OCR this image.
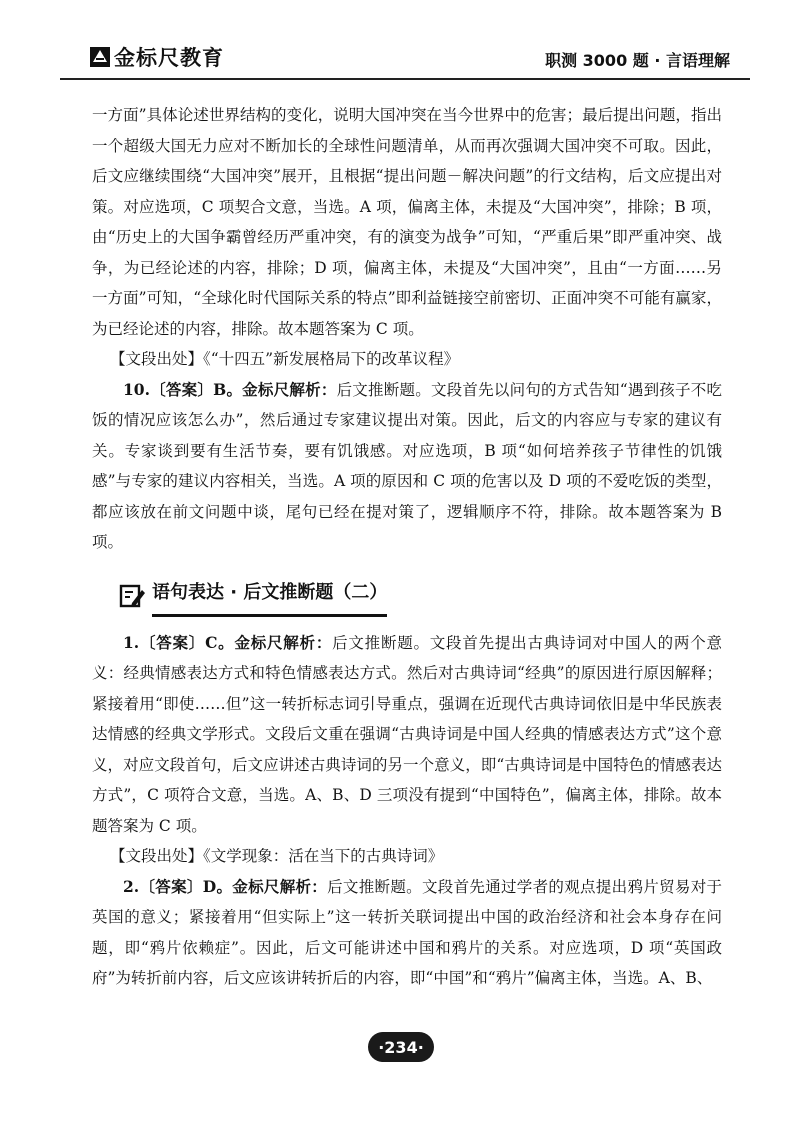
金标尺教育	职测 3000 题 · 言语理解

一方面”具体论述世界结构的变化，说明大国冲突在当今世界中的危害；最后提出问题，指出一个超级大国无力应对不断加长的全球性问题清单，从而再次强调大国冲突不可取。因此，后文应继续围绕“大国冲突”展开，且根据“提出问题－解决问题”的行文结构，后文应提出对策。对应选项，C 项契合文意，当选。A 项，偏离主体，未提及“大国冲突”，排除；B 项，由“历史上的大国争霸曾经历严重冲突，有的演变为战争”可知，“严重后果”即严重冲突、战争，为已经论述的内容，排除；D 项，偏离主体，未提及“大国冲突”，且由“一方面……另一方面”可知，“全球化时代国际关系的特点”即利益链接空前密切、正面冲突不可能有赢家，为已经论述的内容，排除。故本题答案为 C 项。

【文段出处】《“十四五”新发展格局下的改革议程》

10.〔答案〕B。金标尺解析：后文推断题。文段首先以问句的方式告知“遇到孩子不吃饭的情况应该怎么办”，然后通过专家建议提出对策。因此，后文的内容应与专家的建议有关。专家谈到要有生活节奏，要有饥饿感。对应选项，B 项“如何培养孩子节律性的饥饿感”与专家的建议内容相关，当选。A 项的原因和 C 项的危害以及 D 项的不爱吃饭的类型，都应该放在前文问题中谈，尾句已经在提对策了，逻辑顺序不符，排除。故本题答案为 B 项。

语句表达 · 后文推断题（二）

1.〔答案〕C。金标尺解析：后文推断题。文段首先提出古典诗词对中国人的两个意义：经典情感表达方式和特色情感表达方式。然后对古典诗词“经典”的原因进行原因解释；紧接着用“即使……但”这一转折标志词引导重点，强调在近现代古典诗词依旧是中华民族表达情感的经典文学形式。文段后文重在强调“古典诗词是中国人经典的情感表达方式”这个意义，对应文段首句，后文应讲述古典诗词的另一个意义，即“古典诗词是中国特色的情感表达方式”，C 项符合文意，当选。A、B、D 三项没有提到“中国特色”，偏离主体，排除。故本题答案为 C 项。

【文段出处】《文学现象：活在当下的古典诗词》

2.〔答案〕D。金标尺解析：后文推断题。文段首先通过学者的观点提出鸦片贸易对于英国的意义；紧接着用“但实际上”这一转折关联词提出中国的政治经济和社会本身存在问题，即“鸦片依赖症”。因此，后文可能讲述中国和鸦片的关系。对应选项，D 项“英国政府”为转折前内容，后文应该讲转折后的内容，即“中国”和“鸦片”偏离主体，当选。A、B、

·234·
